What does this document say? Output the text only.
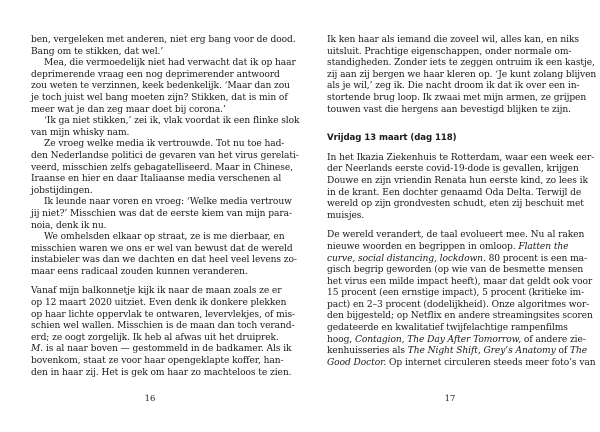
ben, vergeleken met anderen, niet erg bang voor de dood.
Bang om te stikken, dat wel.’
Mea, die vermoedelijk niet had verwacht dat ik op haar
deprimerende vraag een nog deprimerender antwoord
zou weten te verzinnen, keek bedenkelijk. ‘Maar dan zou
je toch juist wel bang moeten zijn? Stikken, dat is min of
meer wat je dan zeg maar doet bij corona.’
‘Ik ga niet stikken,’ zei ik, vlak voordat ik een flinke slok
van mijn whisky nam.
Ze vroeg welke media ik vertrouwde. Tot nu toe had-
den Nederlandse politici de gevaren van het virus gerelati-
veerd, misschien zelfs gebagatelliseerd. Maar in Chinese,
Iraanse en hier en daar Italiaanse media verschenen al
jobstijdingen.
Ik leunde naar voren en vroeg: ‘Welke media vertrouw
jij niet?’ Misschien was dat de eerste kiem van mijn para-
noia, denk ik nu.
We omhelsden elkaar op straat, ze is me dierbaar, en
misschien waren we ons er wel van bewust dat de wereld
instabieler was dan we dachten en dat heel veel levens zo-
maar eens radicaal zouden kunnen veranderen.
Vanaf mijn balkonnetje kijk ik naar de maan zoals ze er
op 12 maart 2020 uitziet. Even denk ik donkere plekken
op haar lichte oppervlak te ontwaren, levervlekjes, of mis-
schien wel wallen. Misschien is de maan dan toch verand-
erd; ze oogt zorgelijk. Ik heb al afwas uit het druiprek.
M. is al naar boven — gestommeld in de badkamer. Als ik
bovenkom, staat ze voor haar opengeklapte koffer, han-
den in haar zij. Het is gek om haar zo machteloos te zien.
16
Ik ken haar als iemand die zoveel wil, alles kan, en niks
uitsluit. Prachtige eigenschappen, onder normale om-
standigheden. Zonder iets te zeggen ontruim ik een kastje,
zij aan zij bergen we haar kleren op. ‘Je kunt zolang blijven
als je wil,’ zeg ik. Die nacht droom ik dat ik over een in-
stortende brug loop. Ik zwaai met mijn armen, ze grijpen
touwen vast die hergens aan bevestigd blijken te zijn.
Vrijdag 13 maart (dag 118)
In het Ikazia Ziekenhuis te Rotterdam, waar een week eer-
der Neerlands eerste covid-19-dode is gevallen, krijgen
Douwe en zijn vriendin Renata hun eerste kind, zo lees ik
in de krant. Een dochter genaamd Oda Delta. Terwijl de
wereld op zijn grondvesten schudt, eten zij beschuit met
muisjes.
De wereld verandert, de taal evolueert mee. Nu al raken
nieuwe woorden en begrippen in omloop. Flatten the
curve, social distancing, lockdown. 80 procent is een ma-
gisch begrip geworden (op wie van de besmette mensen
het virus een milde impact heeft), maar dat geldt ook voor
15 procent (een ernstige impact), 5 procent (kritieke im-
pact) en 2–3 procent (dodelijkheid). Onze algoritmes wor-
den bijgesteld; op Netflix en andere streamingsites scoren
gedateerde en kwalitatief twijfelachtige rampenfilms
hoog, Contagion, The Day After Tomorrow, of andere zie-
kenhuisseries als The Night Shift, Grey’s Anatomy of The
Good Doctor. Op internet circuleren steeds meer foto’s van
17
